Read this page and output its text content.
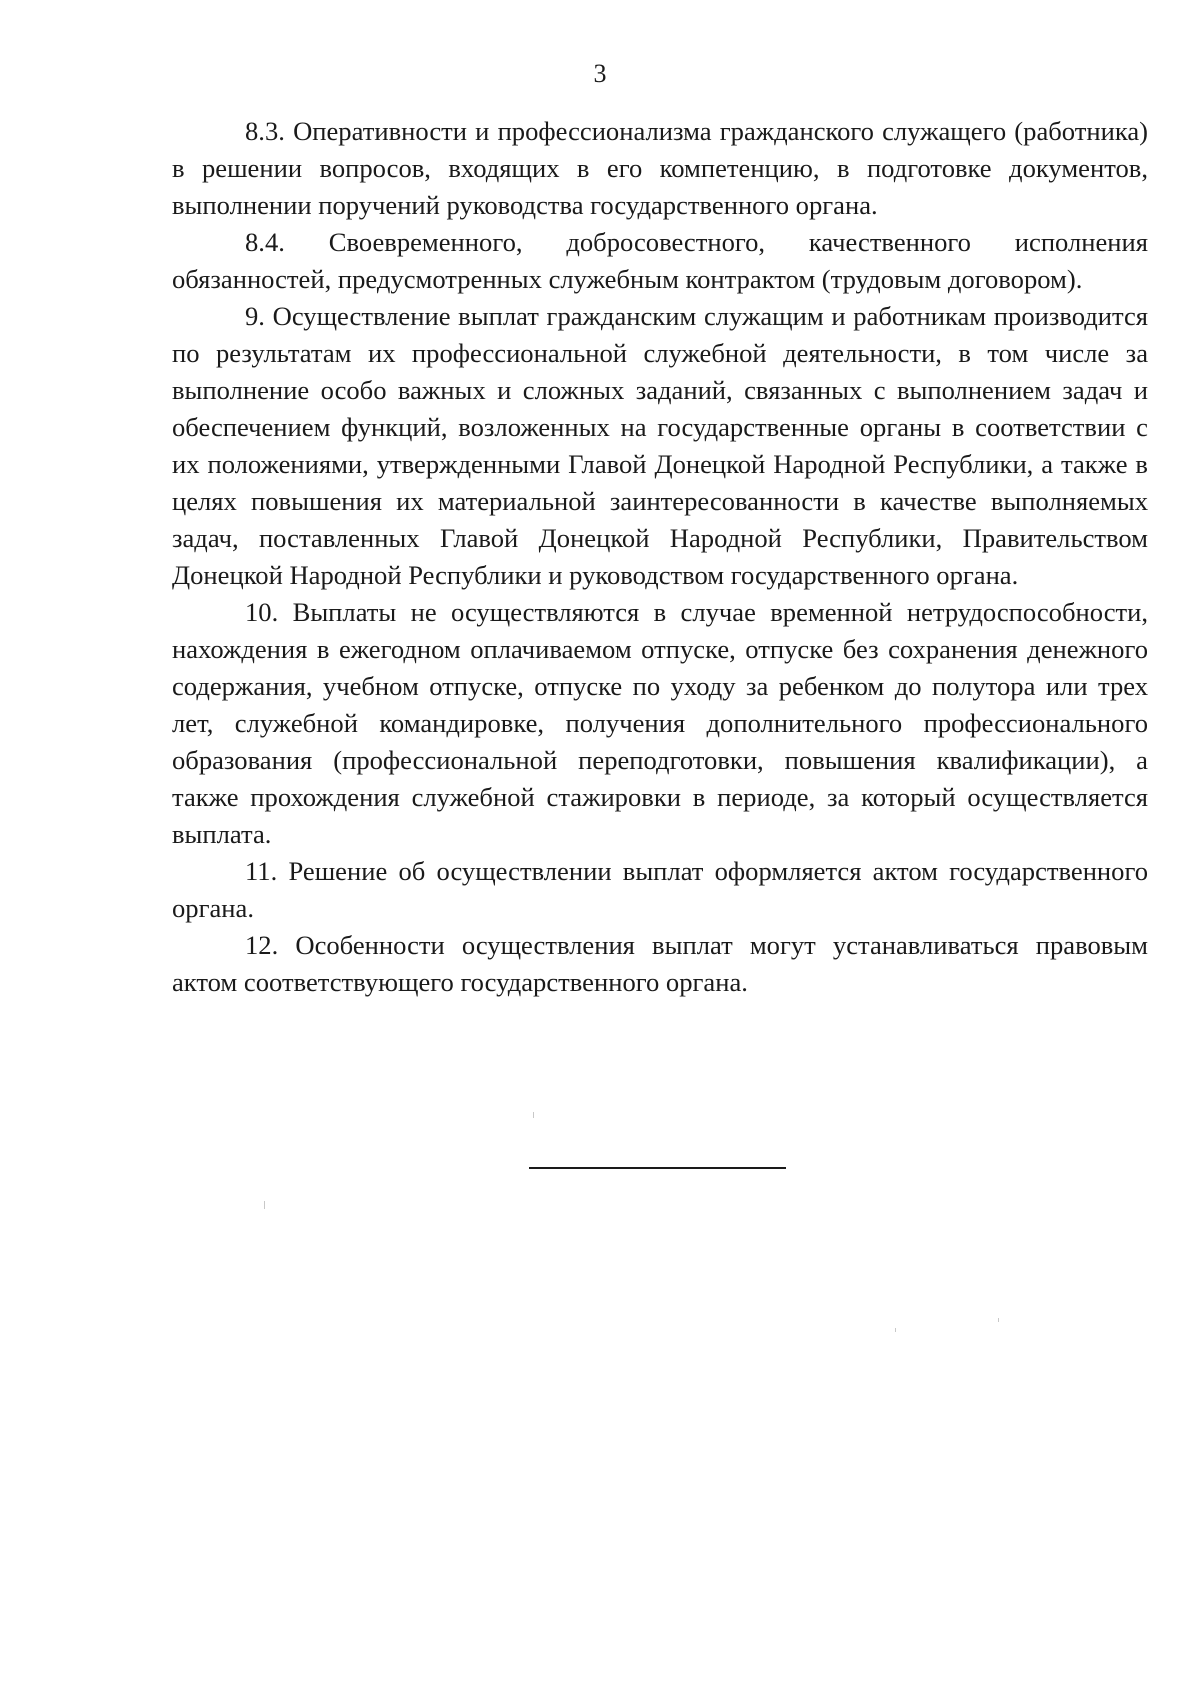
3

8.3. Оперативности и профессионализма гражданского служащего (работника) в решении вопросов, входящих в его компетенцию, в подготовке документов, выполнении поручений руководства государственного органа.

8.4. Своевременного, добросовестного, качественного исполнения обязанностей, предусмотренных служебным контрактом (трудовым договором).

9. Осуществление выплат гражданским служащим и работникам производится по результатам их профессиональной служебной деятельности, в том числе за выполнение особо важных и сложных заданий, связанных с выполнением задач и обеспечением функций, возложенных на государственные органы в соответствии с их положениями, утвержденными Главой Донецкой Народной Республики, а также в целях повышения их материальной заинтересованности в качестве выполняемых задач, поставленных Главой Донецкой Народной Республики, Правительством Донецкой Народной Республики и руководством государственного органа.

10. Выплаты не осуществляются в случае временной нетрудоспособности, нахождения в ежегодном оплачиваемом отпуске, отпуске без сохранения денежного содержания, учебном отпуске, отпуске по уходу за ребенком до полутора или трех лет, служебной командировке, получения дополнительного профессионального образования (профессиональной переподготовки, повышения квалификации), а также прохождения служебной стажировки в периоде, за который осуществляется выплата.

11. Решение об осуществлении выплат оформляется актом государственного органа.

12. Особенности осуществления выплат могут устанавливаться правовым актом соответствующего государственного органа.
